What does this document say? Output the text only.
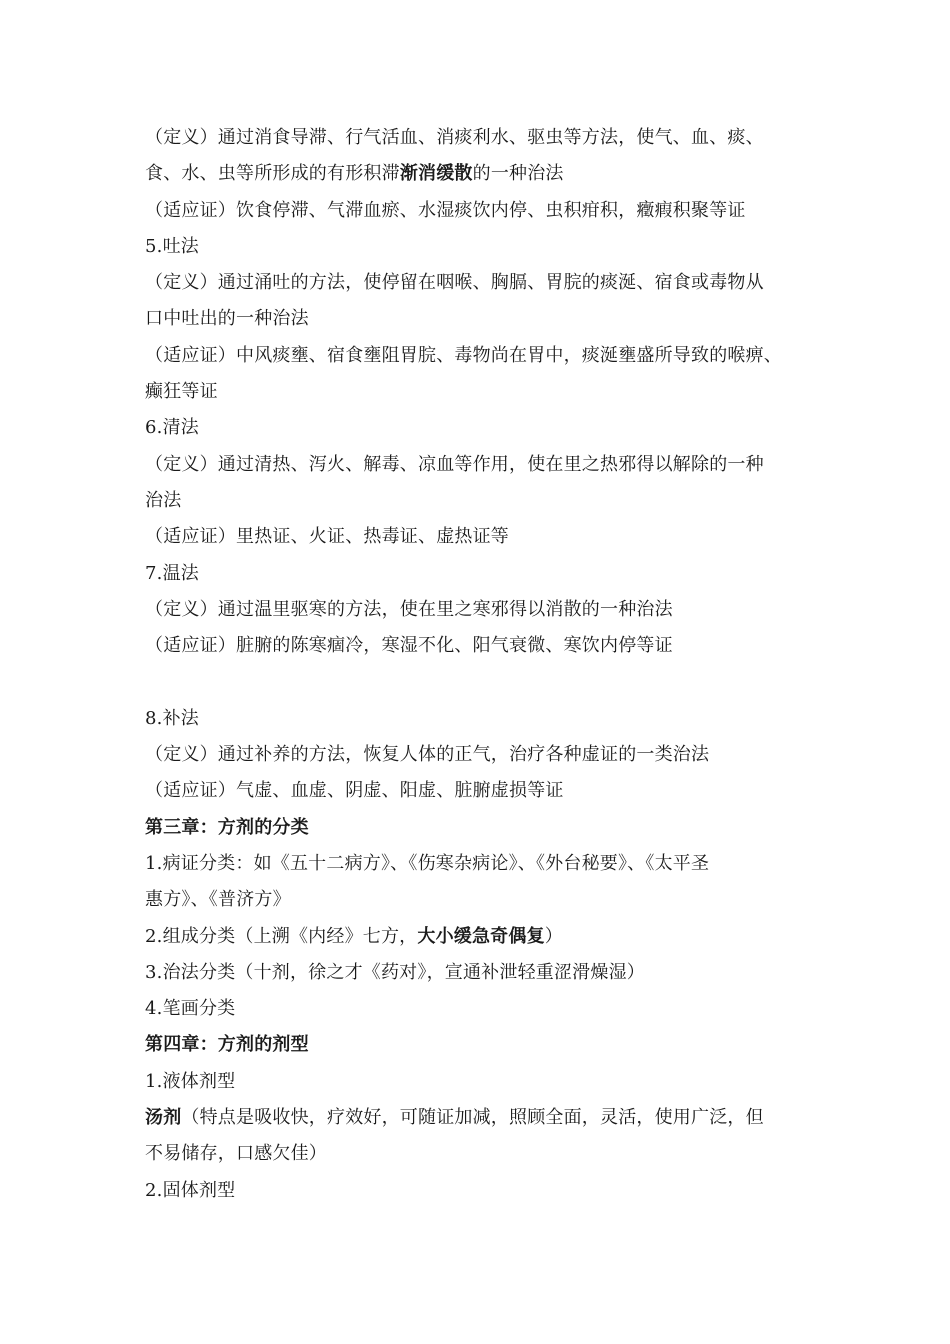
（定义）通过消食导滞、行气活血、消痰利水、驱虫等方法，使气、血、痰、
食、水、虫等所形成的有形积滞渐消缓散的一种治法
（适应证）饮食停滞、气滞血瘀、水湿痰饮内停、虫积疳积，癥瘕积聚等证
5.吐法
（定义）通过涌吐的方法，使停留在咽喉、胸膈、胃脘的痰涎、宿食或毒物从
口中吐出的一种治法
（适应证）中风痰壅、宿食壅阻胃脘、毒物尚在胃中，痰涎壅盛所导致的喉痹、
癫狂等证
6.清法
（定义）通过清热、泻火、解毒、凉血等作用，使在里之热邪得以解除的一种
治法
（适应证）里热证、火证、热毒证、虚热证等
7.温法
（定义）通过温里驱寒的方法，使在里之寒邪得以消散的一种治法
（适应证）脏腑的陈寒痼冷，寒湿不化、阳气衰微、寒饮内停等证
8.补法
（定义）通过补养的方法，恢复人体的正气，治疗各种虚证的一类治法
（适应证）气虚、血虚、阴虚、阳虚、脏腑虚损等证
第三章：方剂的分类
1.病证分类：如《五十二病方》、《伤寒杂病论》、《外台秘要》、《太平圣
惠方》、《普济方》
2.组成分类（上溯《内经》七方，大小缓急奇偶复）
3.治法分类（十剂，徐之才《药对》，宣通补泄轻重涩滑燥湿）
4.笔画分类
第四章：方剂的剂型
1.液体剂型
汤剂（特点是吸收快，疗效好，可随证加减，照顾全面，灵活，使用广泛，但
不易储存，口感欠佳）
2.固体剂型
